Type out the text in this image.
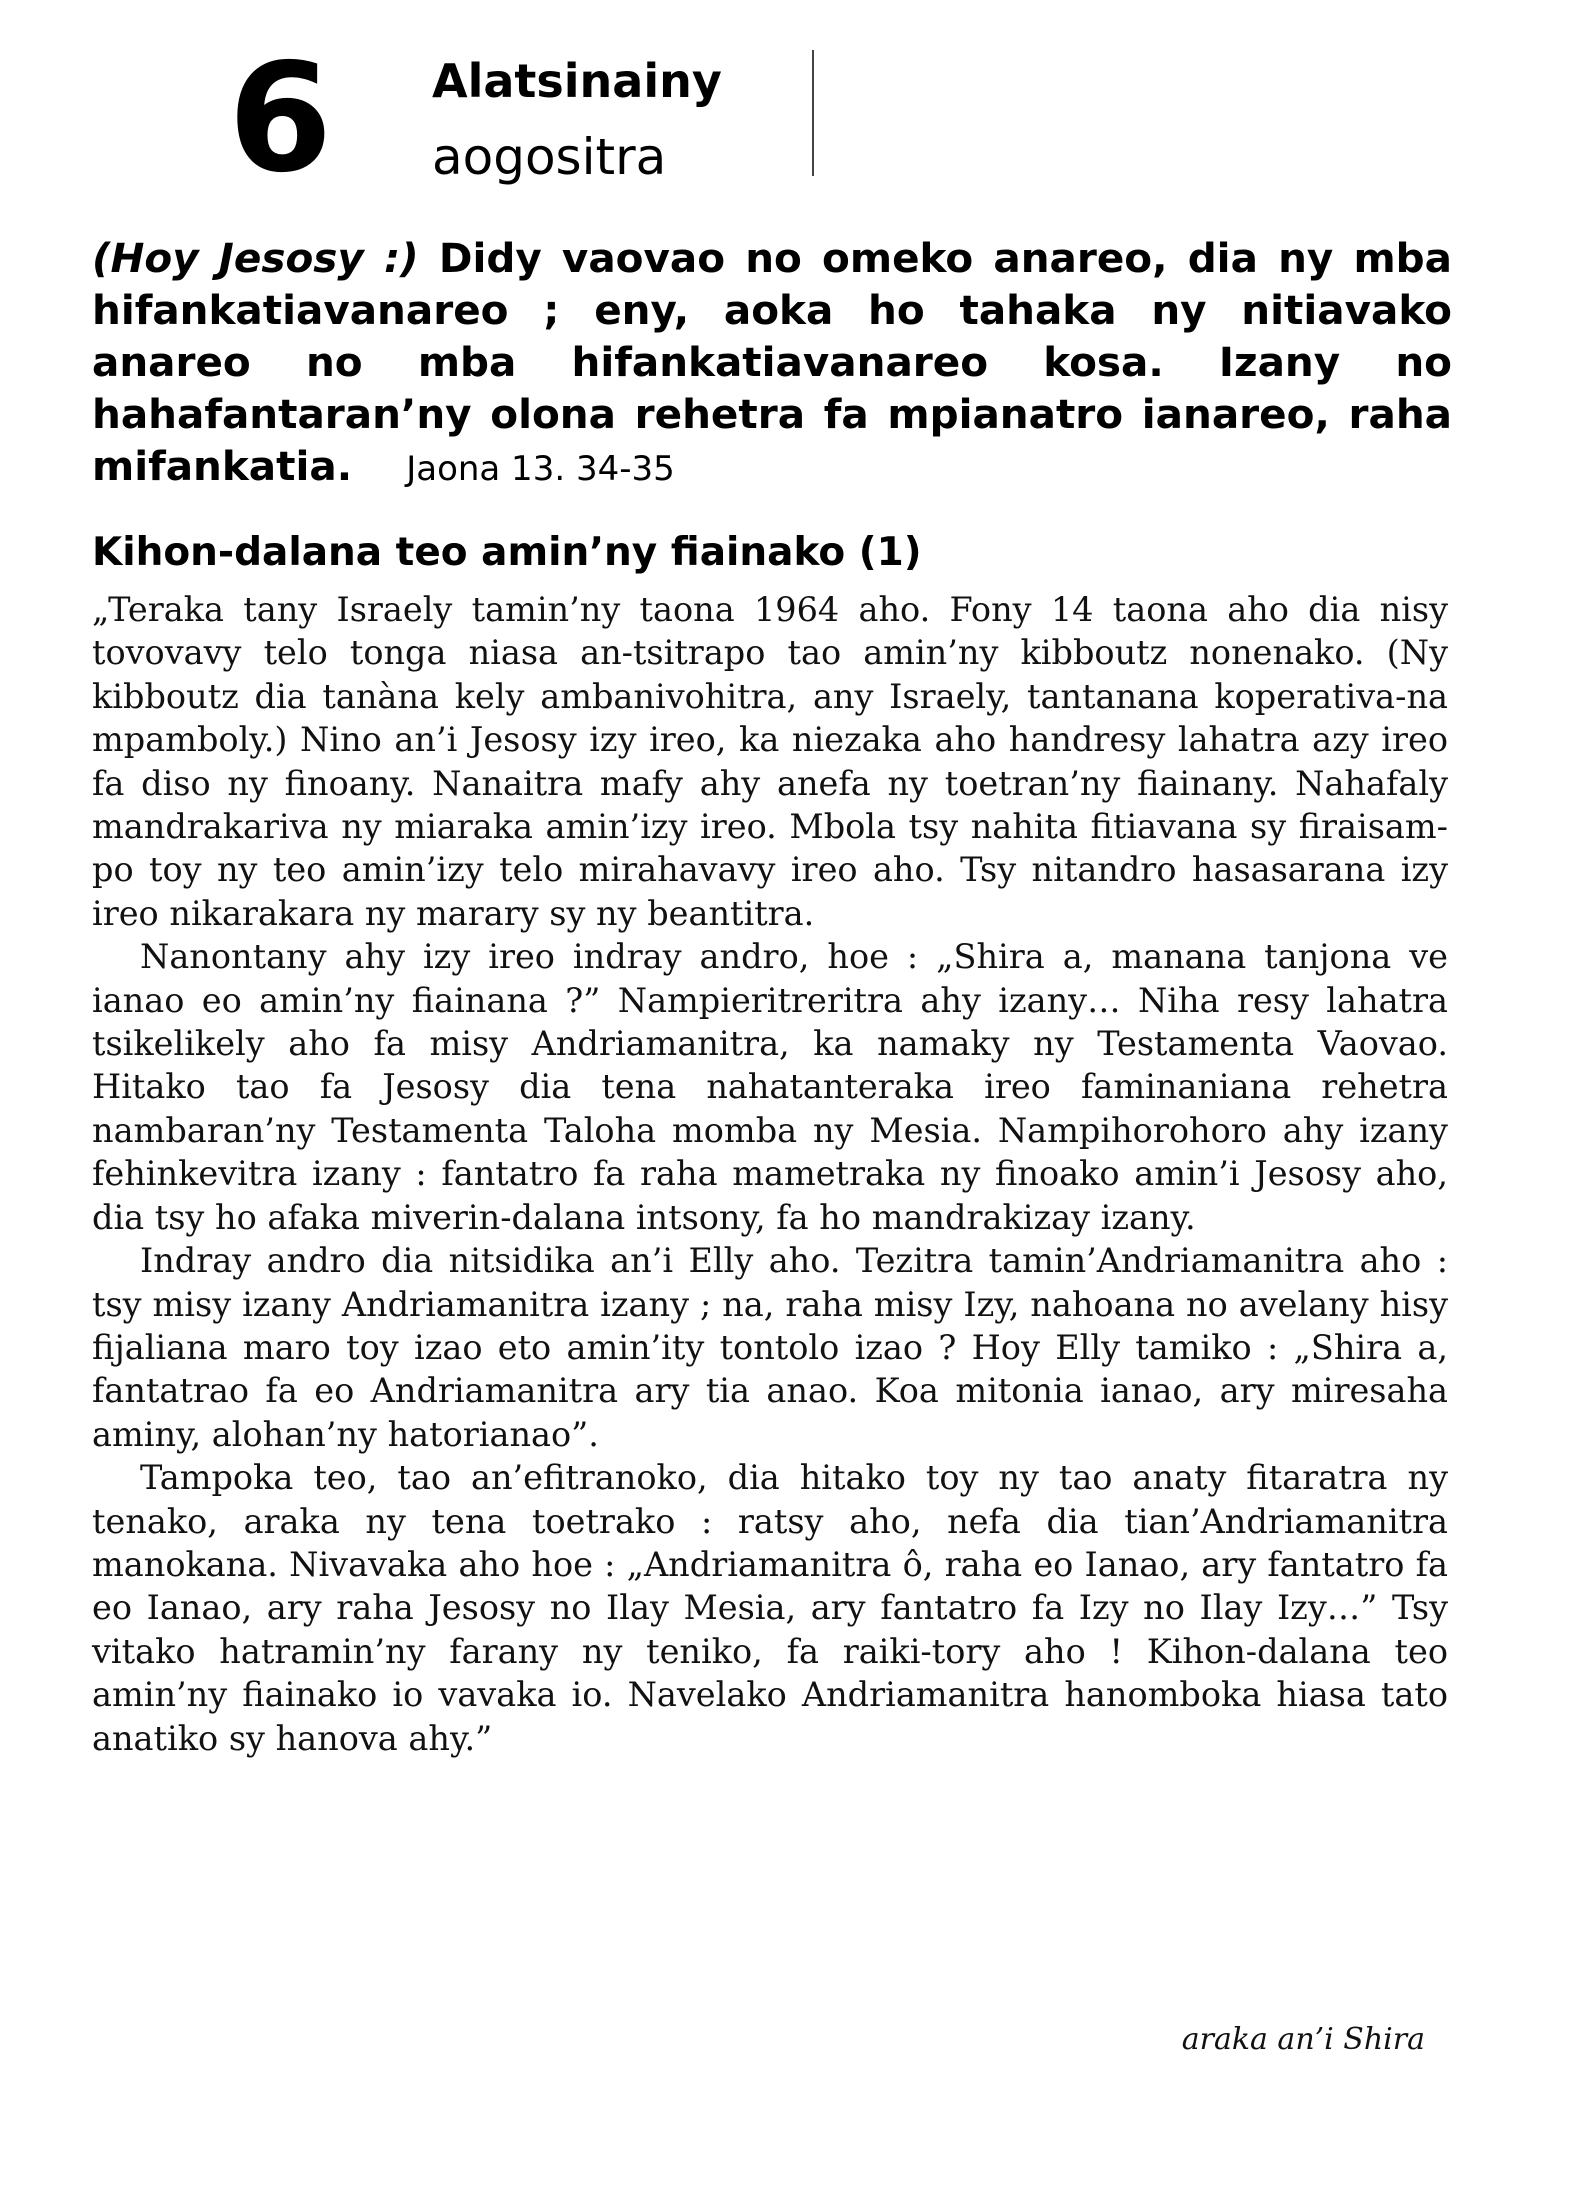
6 Alatsinainy
aogositra
(Hoy Jesosy :) Didy vaovao no omeko anareo, dia ny mba hifankatiavanareo ; eny, aoka ho tahaka ny nitiavako anareo no mba hifankatiavanareo kosa. Izany no hahafantaran’ny olona rehetra fa mpianatro ianareo, raha mifankatia. Jaona 13. 34-35
Kihon-dalana teo amin’ny fiainako (1)

„Teraka tany Israely tamin’ny taona 1964 aho. Fony 14 taona aho dia nisy tovovavy telo tonga niasa an-tsitrapo tao amin’ny kibboutz nonenako. (Ny kibboutz dia tanàna kely ambanivohitra, any Israely, tantanana koperativa-na mpamboly.) Nino an’i Jesosy izy ireo, ka niezaka aho handresy lahatra azy ireo fa diso ny finoany. Nanaitra mafy ahy anefa ny toetran’ny fiainany. Nahafaly mandrakariva ny miaraka amin’izy ireo. Mbola tsy nahita fitiavana sy firaisam-po toy ny teo amin’izy telo mirahavavy ireo aho. Tsy nitandro hasasarana izy ireo nikarakara ny marary sy ny beantitra.

Nanontany ahy izy ireo indray andro, hoe : „Shira a, manana tanjona ve ianao eo amin’ny fiainana ?” Nampieritreritra ahy izany… Niha resy lahatra tsikelikely aho fa misy Andriamanitra, ka namaky ny Testamenta Vaovao. Hitako tao fa Jesosy dia tena nahatanteraka ireo faminaniana rehetra nambaran’ny Testamenta Taloha momba ny Mesia. Nampihorohoro ahy izany fehinkevitra izany : fantatro fa raha mametraka ny finoako amin’i Jesosy aho, dia tsy ho afaka miverin-dalana intsony, fa ho mandrakizay izany.

Indray andro dia nitsidika an’i Elly aho. Tezitra tamin’Andriamanitra aho : tsy misy izany Andriamanitra izany ; na, raha misy Izy, nahoana no avelany hisy fijaliana maro toy izao eto amin’ity tontolo izao ? Hoy Elly tamiko : „Shira a, fantatrao fa eo Andriamanitra ary tia anao. Koa mitonia ianao, ary miresaha aminy, alohan’ny hatorianao”.

Tampoka teo, tao an’efitranoko, dia hitako toy ny tao anaty fitaratra ny tenako, araka ny tena toetrako : ratsy aho, nefa dia tian’Andriamanitra manokana. Nivavaka aho hoe : „Andriamanitra ô, raha eo Ianao, ary fantatro fa eo Ianao, ary raha Jesosy no Ilay Mesia, ary fantatro fa Izy no Ilay Izy…” Tsy vitako hatramin’ny farany ny teniko, fa raiki-tory aho ! Kihon-dalana teo amin’ny fiainako io vavaka io. Navelako Andriamanitra hanomboka hiasa tato anatiko sy hanova ahy.”

araka an’i Shira
